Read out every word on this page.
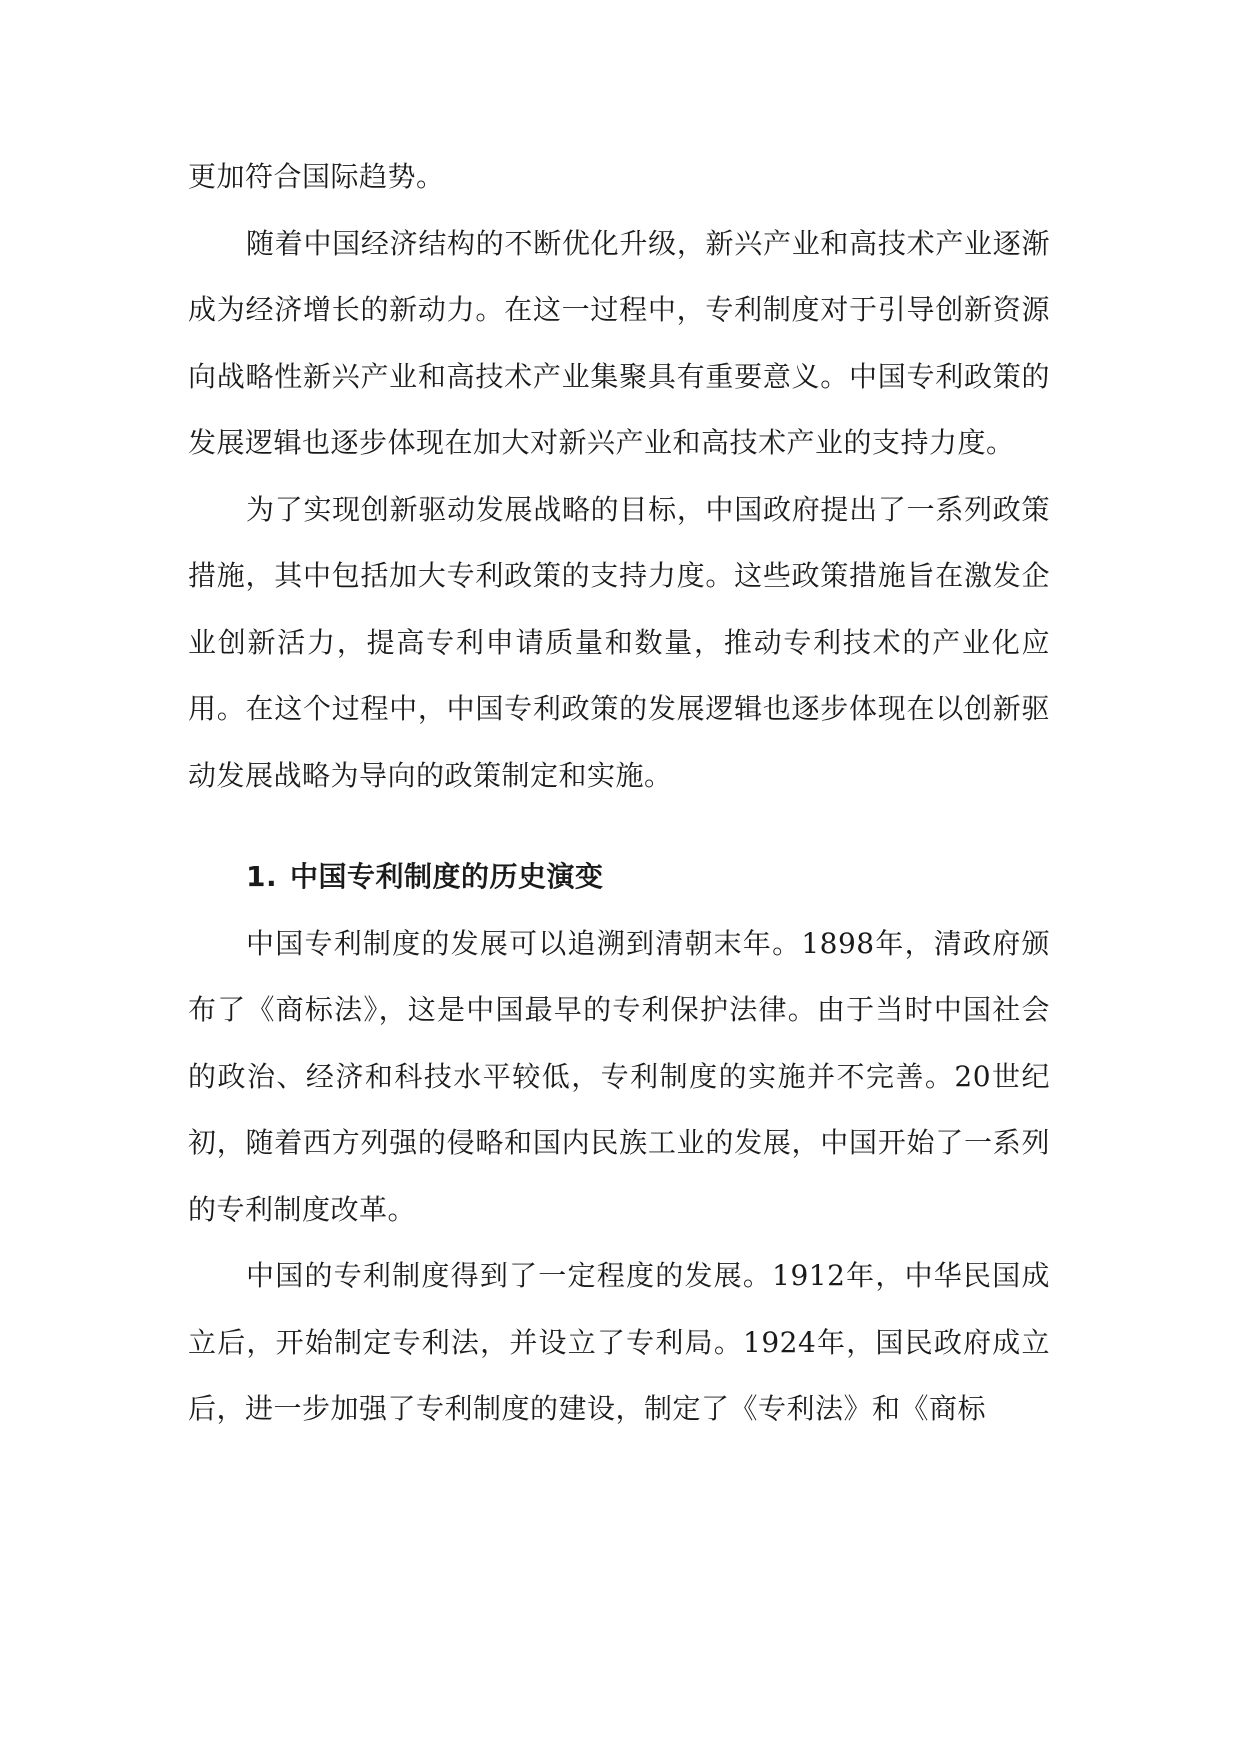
更加符合国际趋势。

随着中国经济结构的不断优化升级，新兴产业和高技术产业逐渐成为经济增长的新动力。在这一过程中，专利制度对于引导创新资源向战略性新兴产业和高技术产业集聚具有重要意义。中国专利政策的发展逻辑也逐步体现在加大对新兴产业和高技术产业的支持力度。

为了实现创新驱动发展战略的目标，中国政府提出了一系列政策措施，其中包括加大专利政策的支持力度。这些政策措施旨在激发企业创新活力，提高专利申请质量和数量，推动专利技术的产业化应用。在这个过程中，中国专利政策的发展逻辑也逐步体现在以创新驱动发展战略为导向的政策制定和实施。

1. 中国专利制度的历史演变

中国专利制度的发展可以追溯到清朝末年。1898年，清政府颁布了《商标法》，这是中国最早的专利保护法律。由于当时中国社会的政治、经济和科技水平较低，专利制度的实施并不完善。20世纪初，随着西方列强的侵略和国内民族工业的发展，中国开始了一系列的专利制度改革。

中国的专利制度得到了一定程度的发展。1912年，中华民国成立后，开始制定专利法，并设立了专利局。1924年，国民政府成立后，进一步加强了专利制度的建设，制定了《专利法》和《商标
